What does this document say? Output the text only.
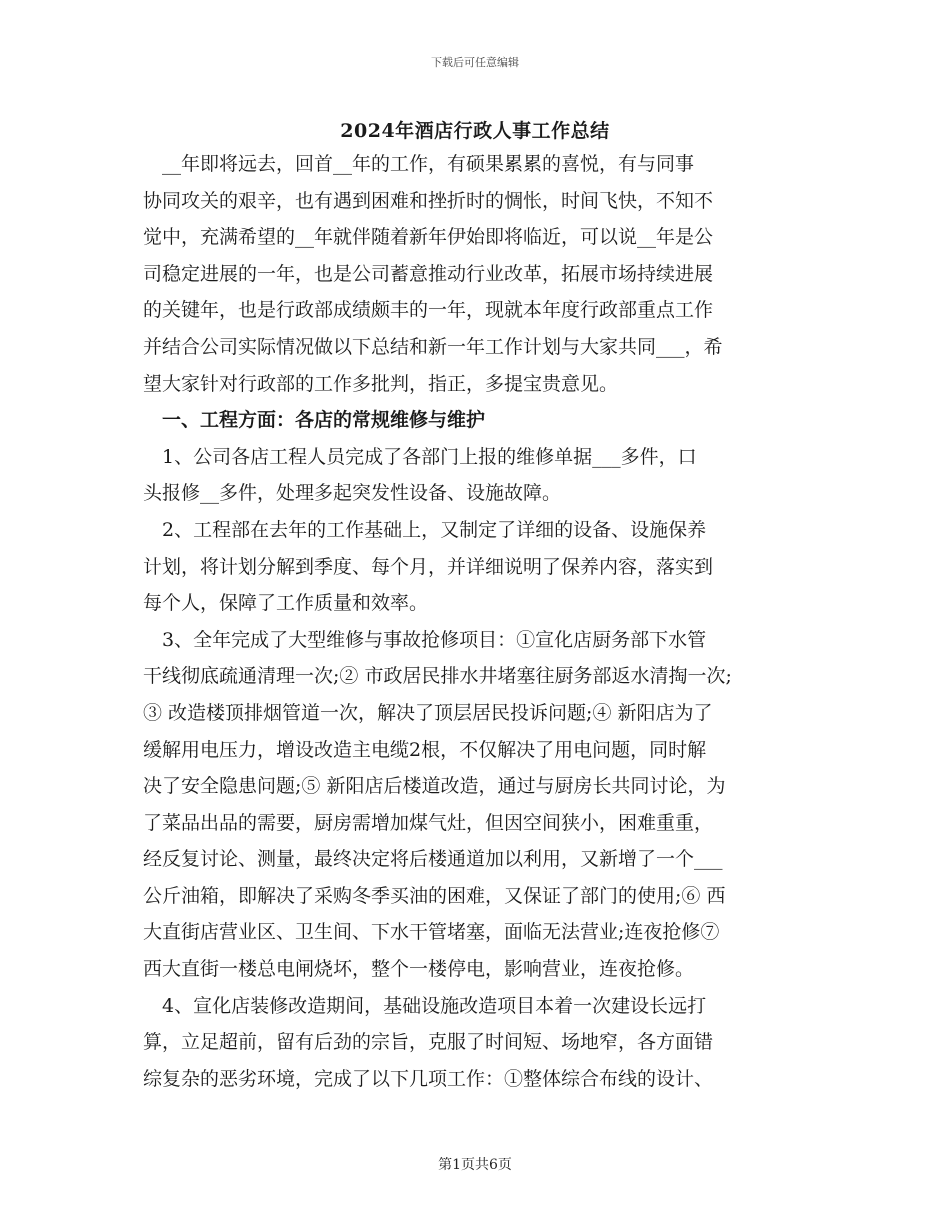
下载后可任意编辑
2024年酒店行政人事工作总结
　__年即将远去，回首__年的工作，有硕果累累的喜悦，有与同事
协同攻关的艰辛，也有遇到困难和挫折时的惆怅，时间飞快，不知不
觉中，充满希望的__年就伴随着新年伊始即将临近，可以说__年是公
司稳定进展的一年，也是公司蓄意推动行业改革，拓展市场持续进展
的关键年，也是行政部成绩颇丰的一年，现就本年度行政部重点工作
并结合公司实际情况做以下总结和新一年工作计划与大家共同___，希
望大家针对行政部的工作多批判，指正，多提宝贵意见。
　一、工程方面：各店的常规维修与维护
　1、公司各店工程人员完成了各部门上报的维修单据___多件，口
头报修__多件，处理多起突发性设备、设施故障。
　2、工程部在去年的工作基础上，又制定了详细的设备、设施保养
计划，将计划分解到季度、每个月，并详细说明了保养内容，落实到
每个人，保障了工作质量和效率。
　3、全年完成了大型维修与事故抢修项目：①宣化店厨务部下水管
干线彻底疏通清理一次;② 市政居民排水井堵塞往厨务部返水清掏一次;
③ 改造楼顶排烟管道一次，解决了顶层居民投诉问题;④ 新阳店为了
缓解用电压力，增设改造主电缆2根，不仅解决了用电问题，同时解
决了安全隐患问题;⑤ 新阳店后楼道改造，通过与厨房长共同讨论，为
了菜品出品的需要，厨房需增加煤气灶，但因空间狭小，困难重重，
经反复讨论、测量，最终决定将后楼通道加以利用，又新增了一个___
公斤油箱，即解决了采购冬季买油的困难，又保证了部门的使用;⑥ 西
大直街店营业区、卫生间、下水干管堵塞，面临无法营业;连夜抢修⑦
西大直街一楼总电闸烧坏，整个一楼停电，影响营业，连夜抢修。
　4、宣化店装修改造期间，基础设施改造项目本着一次建设长远打
算，立足超前，留有后劲的宗旨，克服了时间短、场地窄，各方面错
综复杂的恶劣环境，完成了以下几项工作：①整体综合布线的设计、
第1页共6页
